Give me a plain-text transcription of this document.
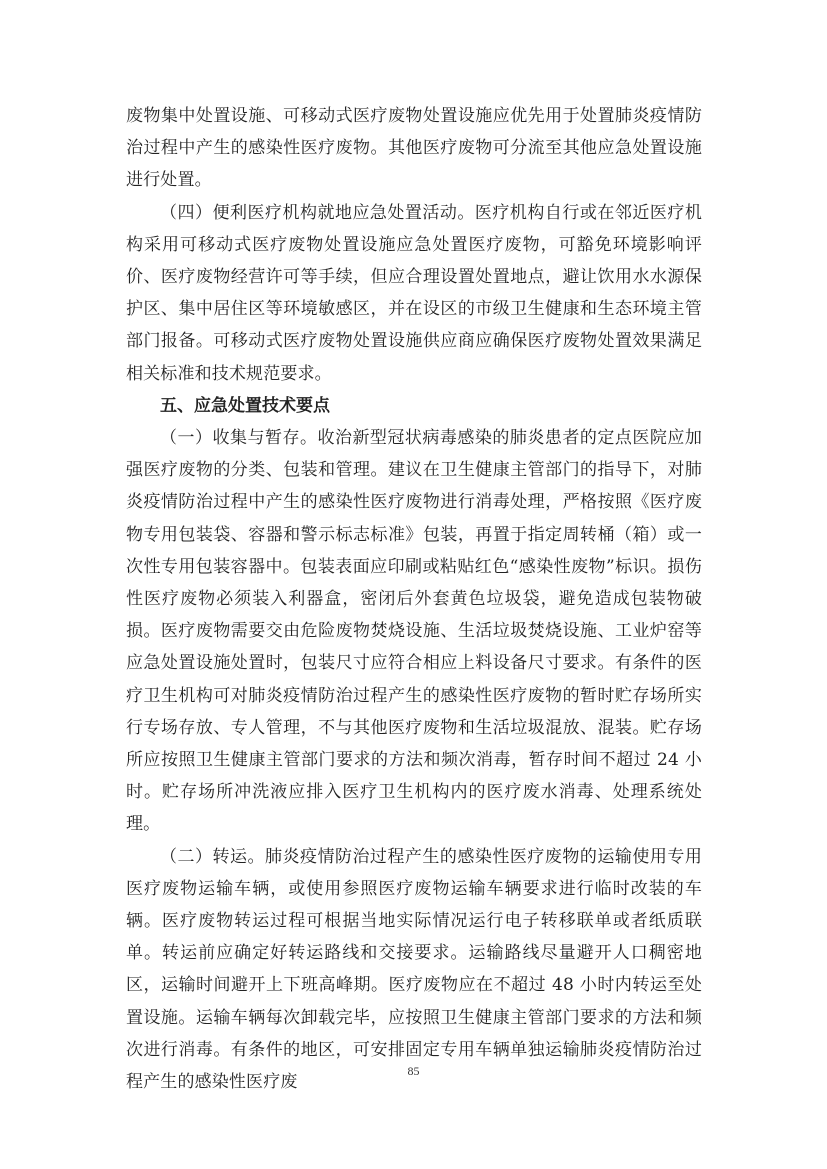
废物集中处置设施、可移动式医疗废物处置设施应优先用于处置肺炎疫情防治过程中产生的感染性医疗废物。其他医疗废物可分流至其他应急处置设施进行处置。

（四）便利医疗机构就地应急处置活动。医疗机构自行或在邻近医疗机构采用可移动式医疗废物处置设施应急处置医疗废物，可豁免环境影响评价、医疗废物经营许可等手续，但应合理设置处置地点，避让饮用水水源保护区、集中居住区等环境敏感区，并在设区的市级卫生健康和生态环境主管部门报备。可移动式医疗废物处置设施供应商应确保医疗废物处置效果满足相关标准和技术规范要求。

五、应急处置技术要点

（一）收集与暂存。收治新型冠状病毒感染的肺炎患者的定点医院应加强医疗废物的分类、包装和管理。建议在卫生健康主管部门的指导下，对肺炎疫情防治过程中产生的感染性医疗废物进行消毒处理，严格按照《医疗废物专用包装袋、容器和警示标志标准》包装，再置于指定周转桶（箱）或一次性专用包装容器中。包装表面应印刷或粘贴红色“感染性废物”标识。损伤性医疗废物必须装入利器盒，密闭后外套黄色垃圾袋，避免造成包装物破损。医疗废物需要交由危险废物焚烧设施、生活垃圾焚烧设施、工业炉窑等应急处置设施处置时，包装尺寸应符合相应上料设备尺寸要求。有条件的医疗卫生机构可对肺炎疫情防治过程产生的感染性医疗废物的暂时贮存场所实行专场存放、专人管理，不与其他医疗废物和生活垃圾混放、混装。贮存场所应按照卫生健康主管部门要求的方法和频次消毒，暂存时间不超过 24 小时。贮存场所冲洗液应排入医疗卫生机构内的医疗废水消毒、处理系统处理。

（二）转运。肺炎疫情防治过程产生的感染性医疗废物的运输使用专用医疗废物运输车辆，或使用参照医疗废物运输车辆要求进行临时改装的车辆。医疗废物转运过程可根据当地实际情况运行电子转移联单或者纸质联单。转运前应确定好转运路线和交接要求。运输路线尽量避开人口稠密地区，运输时间避开上下班高峰期。医疗废物应在不超过 48 小时内转运至处置设施。运输车辆每次卸载完毕，应按照卫生健康主管部门要求的方法和频次进行消毒。有条件的地区，可安排固定专用车辆单独运输肺炎疫情防治过程产生的感染性医疗废

85
